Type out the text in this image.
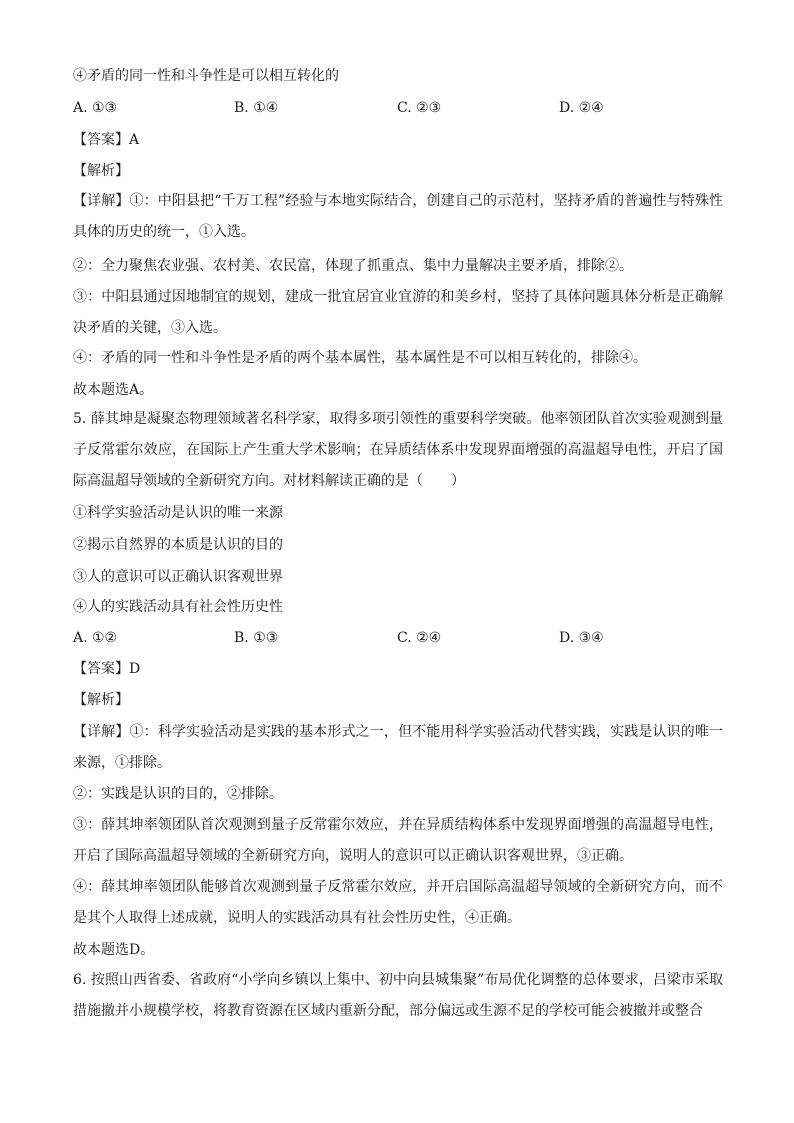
④矛盾的同一性和斗争性是可以相互转化的
A. ①③	B. ①④	C. ②③	D. ②④
【答案】A
【解析】
【详解】①：中阳县把“千万工程”经验与本地实际结合，创建自己的示范村，坚持矛盾的普遍性与特殊性具体的历史的统一，①入选。
②：全力聚焦农业强、农村美、农民富，体现了抓重点、集中力量解决主要矛盾，排除②。
③：中阳县通过因地制宜的规划，建成一批宜居宜业宜游的和美乡村，坚持了具体问题具体分析是正确解决矛盾的关键，③入选。
④：矛盾的同一性和斗争性是矛盾的两个基本属性，基本属性是不可以相互转化的，排除④。
故本题选A。
5. 薛其坤是凝聚态物理领域著名科学家，取得多项引领性的重要科学突破。他率领团队首次实验观测到量子反常霍尔效应，在国际上产生重大学术影响；在异质结体系中发现界面增强的高温超导电性，开启了国际高温超导领域的全新研究方向。对材料解读正确的是（　　）
①科学实验活动是认识的唯一来源
②揭示自然界的本质是认识的目的
③人的意识可以正确认识客观世界
④人的实践活动具有社会性历史性
A. ①②	B. ①③	C. ②④	D. ③④
【答案】D
【解析】
【详解】①：科学实验活动是实践的基本形式之一，但不能用科学实验活动代替实践，实践是认识的唯一来源，①排除。
②：实践是认识的目的，②排除。
③：薛其坤率领团队首次观测到量子反常霍尔效应，并在异质结构体系中发现界面增强的高温超导电性，开启了国际高温超导领域的全新研究方向，说明人的意识可以正确认识客观世界，③正确。
④：薛其坤率领团队能够首次观测到量子反常霍尔效应，并开启国际高温超导领域的全新研究方向，而不是其个人取得上述成就，说明人的实践活动具有社会性历史性，④正确。
故本题选D。
6. 按照山西省委、省政府“小学向乡镇以上集中、初中向县城集聚”布局优化调整的总体要求，吕梁市采取措施撤并小规模学校，将教育资源在区域内重新分配，部分偏远或生源不足的学校可能会被撤并或整合
